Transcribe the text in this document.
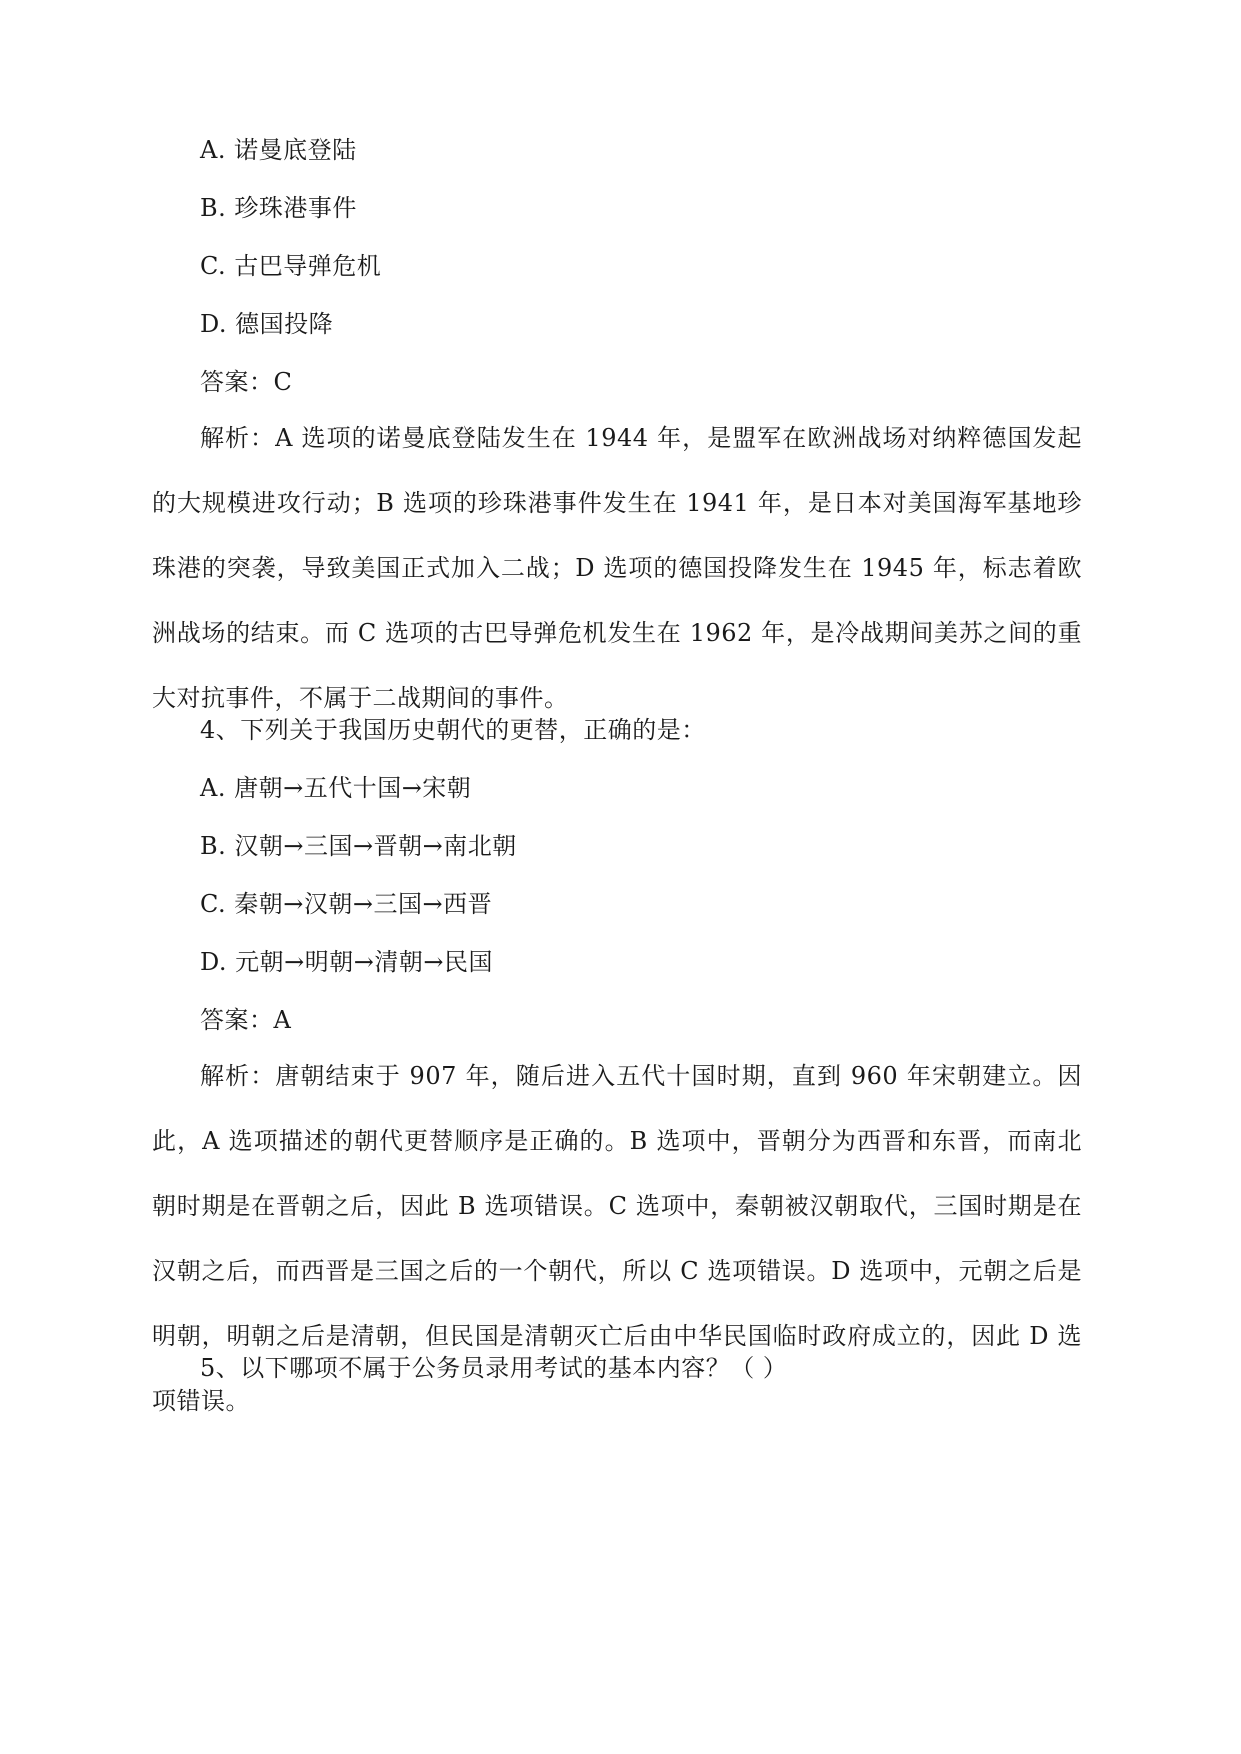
A. 诺曼底登陆
B. 珍珠港事件
C. 古巴导弹危机
D. 德国投降
答案：C
解析：A 选项的诺曼底登陆发生在 1944 年，是盟军在欧洲战场对纳粹德国发起的大规模进攻行动；B 选项的珍珠港事件发生在 1941 年，是日本对美国海军基地珍珠港的突袭，导致美国正式加入二战；D 选项的德国投降发生在 1945 年，标志着欧洲战场的结束。而 C 选项的古巴导弹危机发生在 1962 年，是冷战期间美苏之间的重大对抗事件，不属于二战期间的事件。
4、下列关于我国历史朝代的更替，正确的是：
A. 唐朝→五代十国→宋朝
B. 汉朝→三国→晋朝→南北朝
C. 秦朝→汉朝→三国→西晋
D. 元朝→明朝→清朝→民国
答案：A
解析：唐朝结束于 907 年，随后进入五代十国时期，直到 960 年宋朝建立。因此，A 选项描述的朝代更替顺序是正确的。B 选项中，晋朝分为西晋和东晋，而南北朝时期是在晋朝之后，因此 B 选项错误。C 选项中，秦朝被汉朝取代，三国时期是在汉朝之后，而西晋是三国之后的一个朝代，所以 C 选项错误。D 选项中，元朝之后是明朝，明朝之后是清朝，但民国是清朝灭亡后由中华民国临时政府成立的，因此 D 选项错误。
5、以下哪项不属于公务员录用考试的基本内容？（ ）
